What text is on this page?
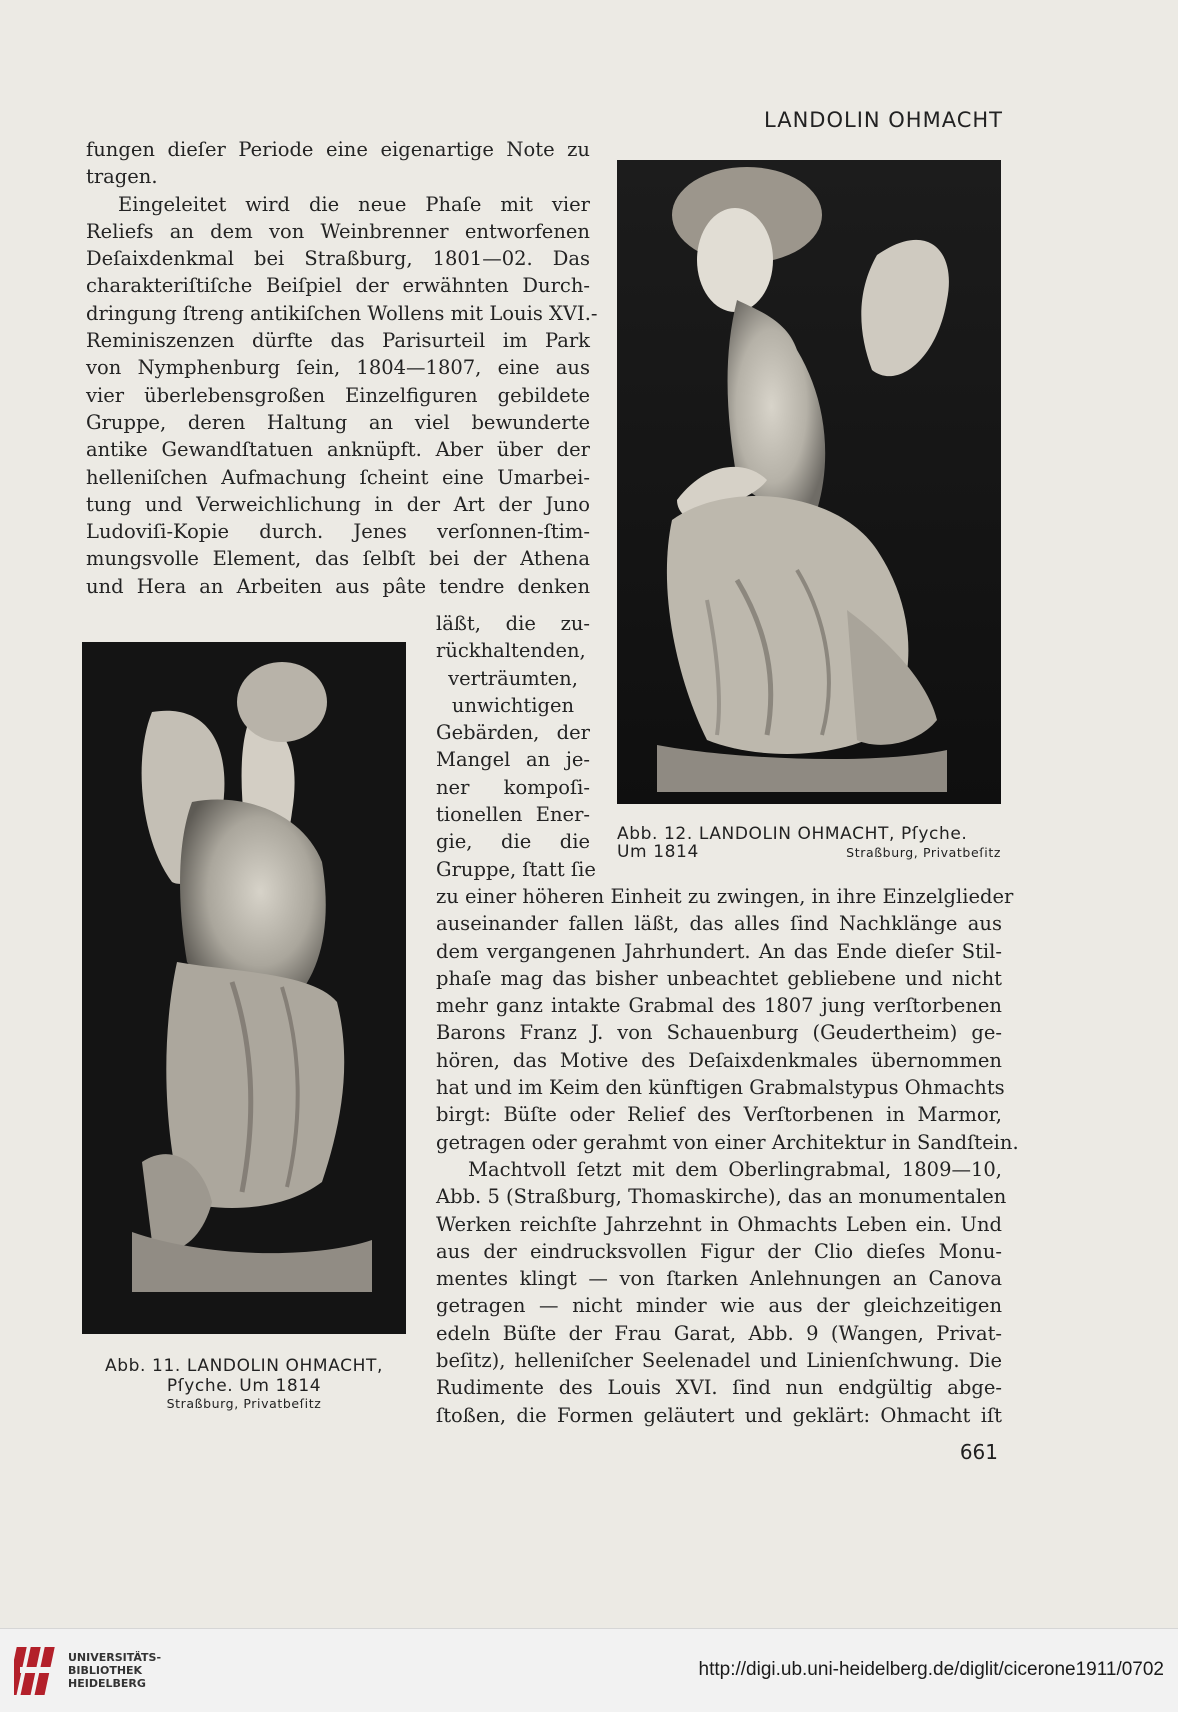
LANDOLIN OHMACHT
fungen dieſer Periode eine eigenartige Note zu
tragen.
Eingeleitet wird die neue Phaſe mit vier
Reliefs an dem von Weinbrenner entworfenen
Deſaixdenkmal bei Straßburg, 1801—02. Das
charakteriſtiſche Beiſpiel der erwähnten Durch-
dringung ſtreng antikiſchen Wollens mit Louis XVI.-
Reminiszenzen dürfte das Parisurteil im Park
von Nymphenburg ſein, 1804—1807, eine aus
vier überlebensgroßen Einzelfiguren gebildete
Gruppe, deren Haltung an viel bewunderte
antike Gewandſtatuen anknüpft. Aber über der
helleniſchen Aufmachung ſcheint eine Umarbei-
tung und Verweichlichung in der Art der Juno
Ludoviſi-Kopie durch. Jenes verſonnen-ſtim-
mungsvolle Element, das ſelbſt bei der Athena
und Hera an Arbeiten aus pâte tendre denken
läßt, die zu-
rückhaltenden,
verträumten,
unwichtigen
Gebärden, der
Mangel an je-
ner kompoſi-
tionellen Ener-
gie, die die
Gruppe, ſtatt ſie
zu einer höheren Einheit zu zwingen, in ihre Einzelglieder
auseinander fallen läßt, das alles ſind Nachklänge aus
dem vergangenen Jahrhundert. An das Ende dieſer Stil-
phaſe mag das bisher unbeachtet gebliebene und nicht
mehr ganz intakte Grabmal des 1807 jung verſtorbenen
Barons Franz J. von Schauenburg (Geudertheim) ge-
hören, das Motive des Deſaixdenkmales übernommen
hat und im Keim den künftigen Grabmalstypus Ohmachts
birgt: Büſte oder Relief des Verſtorbenen in Marmor,
getragen oder gerahmt von einer Architektur in Sandſtein.
Machtvoll ſetzt mit dem Oberlingrabmal, 1809—10,
Abb. 5 (Straßburg, Thomaskirche), das an monumentalen
Werken reichſte Jahrzehnt in Ohmachts Leben ein. Und
aus der eindrucksvollen Figur der Clio dieſes Monu-
mentes klingt — von ſtarken Anlehnungen an Canova
getragen — nicht minder wie aus der gleichzeitigen
edeln Büſte der Frau Garat, Abb. 9 (Wangen, Privat-
beſitz), helleniſcher Seelenadel und Linienſchwung. Die
Rudimente des Louis XVI. ſind nun endgültig abge-
ſtoßen, die Formen geläutert und geklärt: Ohmacht iſt
Abb. 12. LANDOLIN OHMACHT, Pſyche.
Um 1814	Straßburg, Privatbeſitz
Abb. 11. LANDOLIN OHMACHT,
Pſyche. Um 1814
Straßburg, Privatbeſitz
661
UNIVERSITÄTS-
BIBLIOTHEK
HEIDELBERG
http://digi.ub.uni-heidelberg.de/diglit/cicerone1911/0702
